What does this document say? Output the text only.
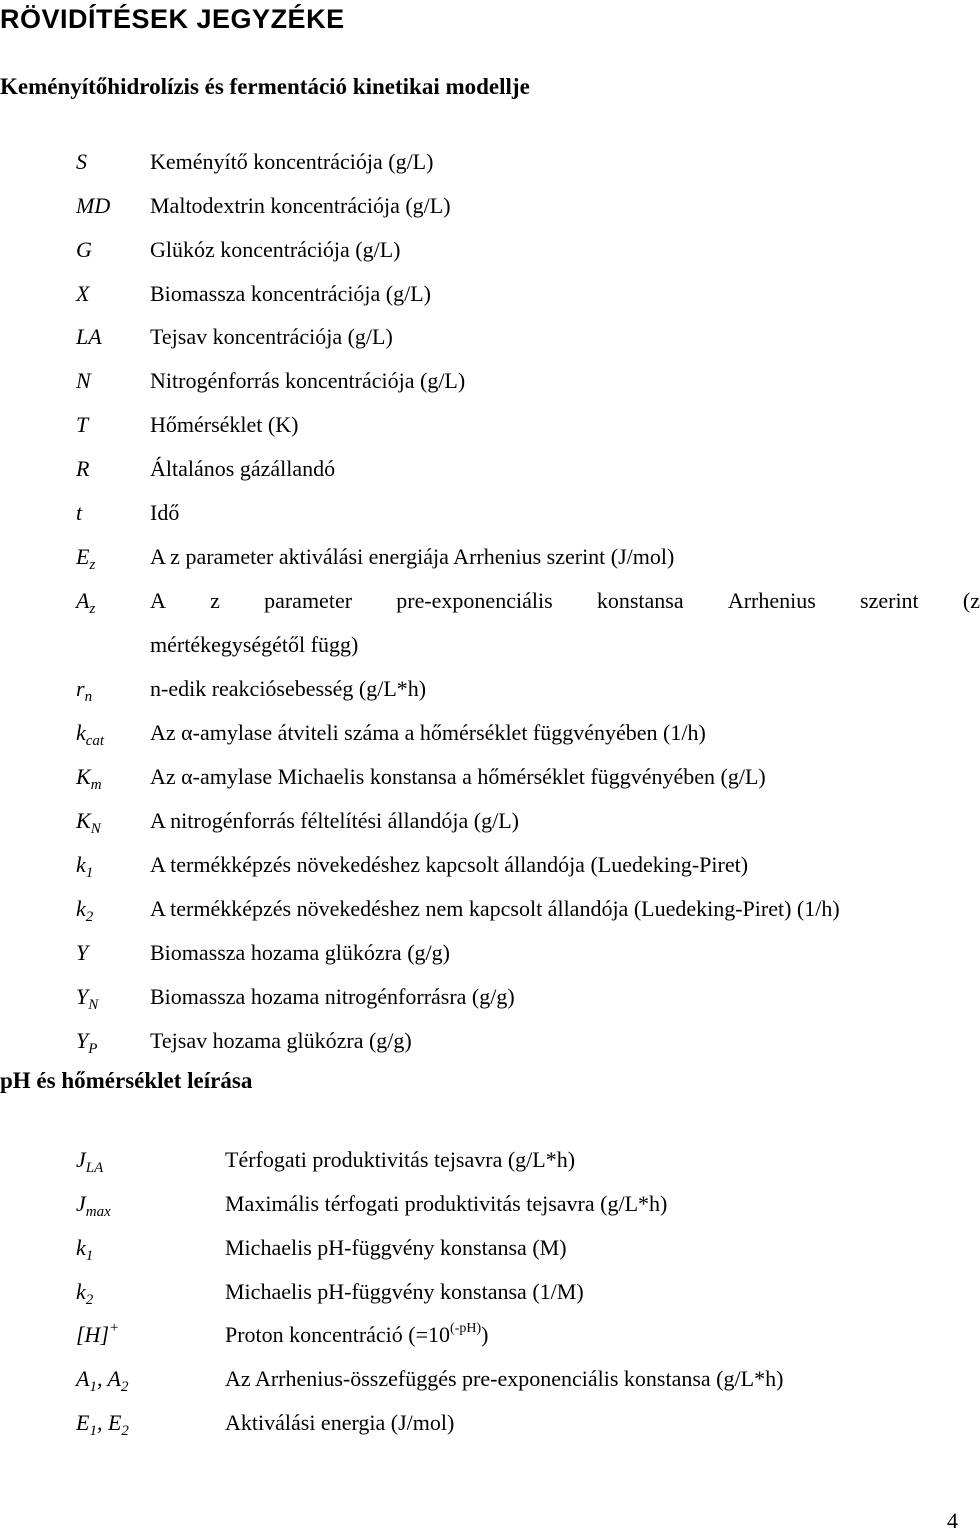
RÖVIDÍTÉSEK JEGYZÉKE
Keményítőhidrolízis és fermentáció kinetikai modellje
S	Keményítő koncentrációja (g/L)
MD Maltodextrin koncentrációja (g/L)
G	Glükóz koncentrációja (g/L)
X	Biomassza koncentrációja (g/L)
LA Tejsav koncentrációja (g/L)
N	Nitrogénforrás koncentrációja (g/L)
T	Hőmérséklet (K)
R	Általános gázállandó
t	Idő
$E_z$ A z parameter aktiválási energiája Arrhenius szerint (J/mol)
$A_z$ A z parameter pre-exponenciális konstansa Arrhenius szerint (z
mértékegységétől függ)
$r_n$	n-edik reakciósebesség (g/L*h)
$k_{cat}$ Az α-amylase átviteli száma a hőmérséklet függvényében (1/h)
$K_m$ Az α-amylase Michaelis konstansa a hőmérséklet függvényében (g/L)
$K_N$ A nitrogénforrás féltelítési állandója (g/L)
$k_1$	A termékképzés növekedéshez kapcsolt állandója (Luedeking-Piret)
$k_2$	A termékképzés növekedéshez nem kapcsolt állandója (Luedeking-Piret) (1/h)
Y	Biomassza hozama glükózra (g/g)
$Y_N$ Biomassza hozama nitrogénforrásra (g/g)
$Y_P$ Tejsav hozama glükózra (g/g)
pH és hőmérséklet leírása
$J_{LA}$	Térfogati produktivitás tejsavra (g/L*h)
$J_{max}$	Maximális térfogati produktivitás tejsavra (g/L*h)
$k_1$	Michaelis pH-függvény konstansa (M)
$k_2$	Michaelis pH-függvény konstansa (1/M)
[H]+	Proton koncentráció $(=10^{(-pH)})$
$A_1$, $A_2$	Az Arrhenius-összefüggés pre-exponenciális konstansa (g/L*h)
$E_1$, $E_2$	Aktiválási energia (J/mol)
4
